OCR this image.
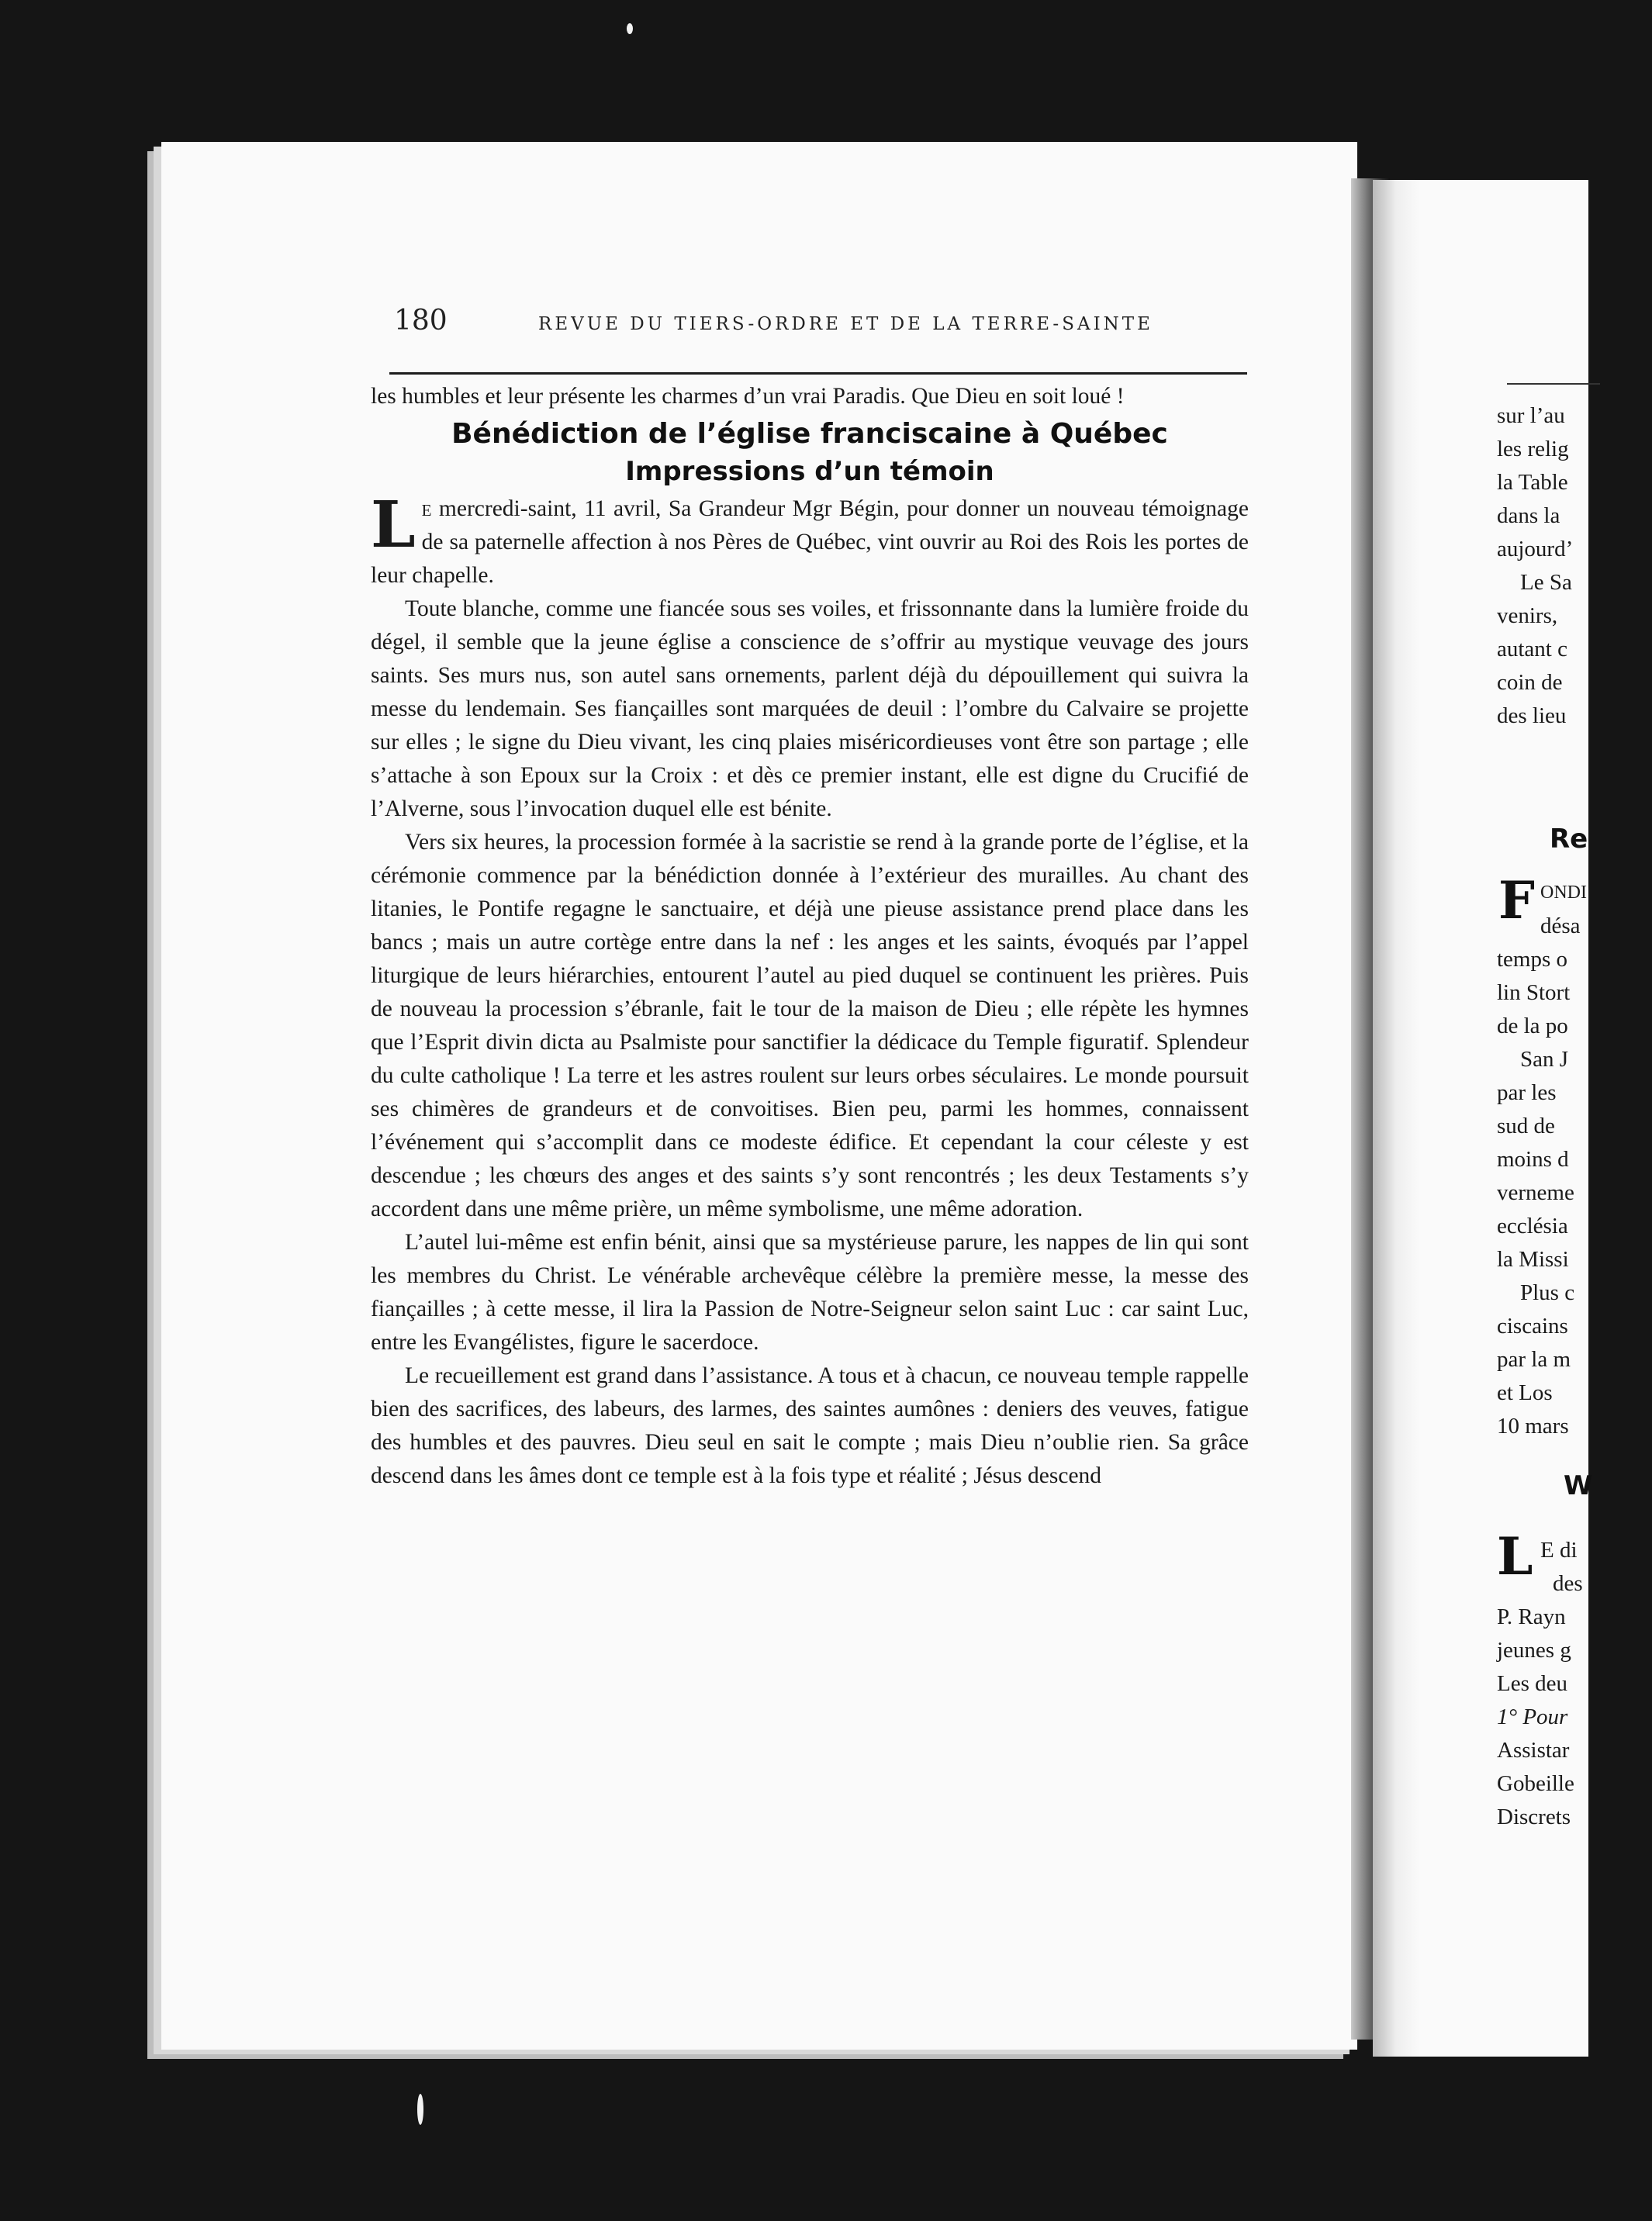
180	REVUE DU TIERS-ORDRE ET DE LA TERRE-SAINTE

les humbles et leur présente les charmes d’un vrai Paradis. Que Dieu en soit loué !

Bénédiction de l’église franciscaine à Québec
Impressions d’un témoin

Le mercredi-saint, 11 avril, Sa Grandeur Mgr Bégin, pour donner un nouveau témoignage de sa paternelle affection à nos Pères de Québec, vint ouvrir au Roi des Rois les portes de leur chapelle.

Toute blanche, comme une fiancée sous ses voiles, et frissonnante dans la lumière froide du dégel, il semble que la jeune église a conscience de s’offrir au mystique veuvage des jours saints. Ses murs nus, son autel sans ornements, parlent déjà du dépouillement qui suivra la messe du lendemain. Ses fiançailles sont marquées de deuil : l’ombre du Calvaire se projette sur elles ; le signe du Dieu vivant, les cinq plaies miséricordieuses vont être son partage ; elle s’attache à son Epoux sur la Croix : et dès ce premier instant, elle est digne du Crucifié de l’Alverne, sous l’invocation duquel elle est bénite.

Vers six heures, la procession formée à la sacristie se rend à la grande porte de l’église, et la cérémonie commence par la bénédiction donnée à l’extérieur des murailles. Au chant des litanies, le Pontife regagne le sanctuaire, et déjà une pieuse assistance prend place dans les bancs ; mais un autre cortège entre dans la nef : les anges et les saints, évoqués par l’appel liturgique de leurs hiérarchies, entourent l’autel au pied duquel se continuent les prières. Puis de nouveau la procession s’ébranle, fait le tour de la maison de Dieu ; elle répète les hymnes que l’Esprit divin dicta au Psalmiste pour sanctifier la dédicace du Temple figuratif. Splendeur du culte catholique ! La terre et les astres roulent sur leurs orbes séculaires. Le monde poursuit ses chimères de grandeurs et de convoitises. Bien peu, parmi les hommes, connaissent l’événement qui s’accomplit dans ce modeste édifice. Et cependant la cour céleste y est descendue ; les chœurs des anges et des saints s’y sont rencontrés ; les deux Testaments s’y accordent dans une même prière, un même symbolisme, une même adoration.

L’autel lui-même est enfin bénit, ainsi que sa mystérieuse parure, les nappes de lin qui sont les membres du Christ. Le vénérable archevêque célèbre la première messe, la messe des fiançailles ; à cette messe, il lira la Passion de Notre-Seigneur selon saint Luc : car saint Luc, entre les Evangélistes, figure le sacerdoce.

Le recueillement est grand dans l’assistance. A tous et à chacun, ce nouveau temple rappelle bien des sacrifices, des labeurs, des larmes, des saintes aumônes : deniers des veuves, fatigue des humbles et des pauvres. Dieu seul en sait le compte ; mais Dieu n’oublie rien. Sa grâce descend dans les âmes dont ce temple est à la fois type et réalité ; Jésus descend

sur l’au
les relig
la Table
dans la
aujourd’
Le Sa
venirs,
autant c
coin de
des lieu
Re
F ONDI
désa
temps o
lin Stort
de la po
San J
par les
sud de
moins d
verneme
ecclésia
la Missi
Plus c
ciscains
par la m
et Los
10 mars
W
L E di
des
P. Rayn
jeunes g
Les deu
1° Pour
Assistar
Gobeille
Discrets
